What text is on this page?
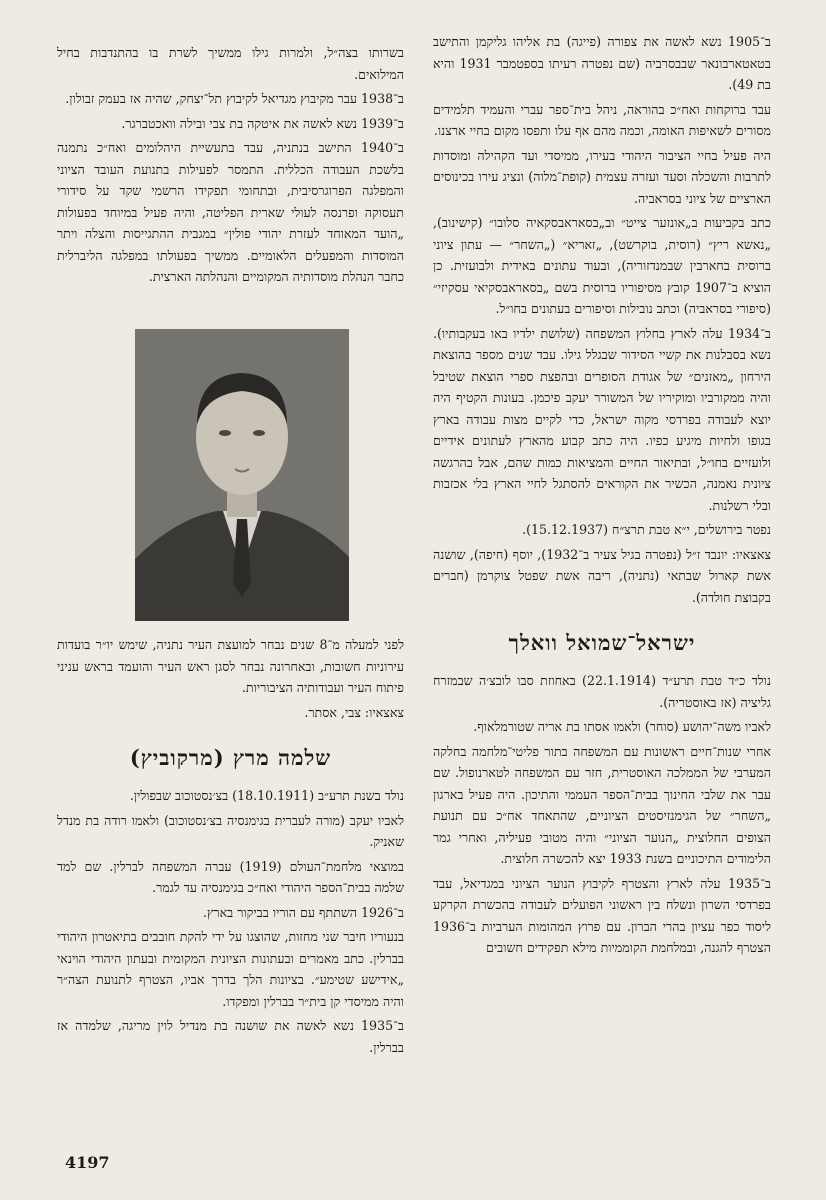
ב־1905 נשא לאשה את צפורה (פייגה) בת אליהו גליקמן והתישב בטאטארבונאר שבבסרביה (שם נפטרה רעיתו בספטמבר 1931 והיא בת 49).

עבד ברוקחות ואח״כ בהוראה, ניהל בית־ספר עברי והעמיד תלמידים מסורים לשאיפות האומה, וכמה מהם אף עלו ותפסו מקום בחיי ארצנו.

היה פעיל בחיי הציבור היהודי בעירו, ממיסדי ועד הקהילה ומוסדות לתרבות והשכלה וסעד ועזרה עצמית (קופת־מלוה) ונציג עירו בכינוסים הארציים של ציוני בסראביה.

כתב בקביעות ב„אונזער צייט״ וב„בסאראבסקאיה סלובו״ (קישינוב), „נאשא ריץ״ (רוסית, בוקרשט), „זאריא״ („השחר״ — עתון ציוני ברוסית בחארבין שבמנדזוריה), ובעוד עתונים באידית ולבועזית. כן הוציא ב־1907 קובץ מסיפוריו ברוסית בשם „בסאראבסקיאי עסקיזי״ (סיפורי בסראביה) וכתב נובילות וסיפורים בעתונים בחו״ל.

ב־1934 עלה לארץ בחלוץ המשפחה (שלושת ילדיו באו בעקבותיו). נשא בסבלנות את קשיי הסידור שבגלל גילו. עבד שנים מספר בהוצאת הירחון „מאזנים״ של אגודת הסופרים ובהפצת ספרי הוצאת שטיבל והיה ממקורביו ומוקיריו של המשורר יעקב פיכמן. בעונות הקטיף היה יוצא לעבודה בפרדסי מקוה ישראל, כדי לקיים מצות עבודה בארץ בגופו ולחיות מיגיע כפיו. היה כתב קבוע מהארץ לעתונים אידיים ולועזיים בחו״ל, ובתיאור החיים והמציאות כמות שהם, אבל בהרגשה ציונית נאמנה, הכשיר את הקוראים להסתגל לחיי הארץ בלי אכזבות ובלי רשלנות.

נפטר בירושלים, י״א טבת תרצ״ח (15.12.1937).

צאצאיו: יונבד ז״ל (נפטרה בגיל צעיר ב־1932), יוסף (חיפה), שושנה אשת קארול שבתאי (נתניה), ריבה אשת שפטל צוקרמן (חברים בקבוצת חולדה).

ישראל־שמואל וואלך

נולד כ״ד טבת תרע״ד (22.1.1914) באחוזת סבו לובצ׳ה שבמזרח גליציה (אז באוסטריה).

לאביו משה־יהושע (סוחר) ולאמו אסתו בת אריה שטורמלאוף.

אחרי שנות־חיים ראשונות עם המשפחה בתור פליטי־מלחמה בחלקה המערבי של הממלכה האוסטרית, חזר עם המשפחה לטארנופול. שם עבר את שלבי החינוך בבית־הספר העממי והתיכון. היה פעיל בארגון „השחר״ של הגימנזיסטים הציוניים, שהתאחד אח״כ עם תנועת הצופים החלוצית „הנוער הציוני״ והיה מטובי פעיליה, ואחרי גמר הלימודים התיכוניים בשנת 1933 יצא להכשרה חלוצית.

ב־1935 עלה לארץ והצטרף לקיבוץ הנוער הציוני במגדיאל, עבד בפרדסי השרון ונשלח בין ראשוני הפועלים לעבודה בהכשרת הקרקע ליסוד כפר עציון בהרי הברון. עם פרוץ המהומות הערביות ב־1936 הצטרף להגנה, ובמלחמת הקוממיות מילא תפקידים חשובים

בשרותו בצה״ל, ולמרות גילו ממשיך לשרת בו בהתנדבות בחיל המילואים.

ב־1938 עבר מקיבוץ מגדיאל לקיבוץ תל־יצחק, שהיה אז בעמק זבולון.

ב־1939 נשא לאשה את איטקה בת צבי ובילה וואכטברגר.

ב־1940 התישב בנתניה, עבד בתעשיית היהלומים ואח״כ נתמנה בלשכת העבודה הכללית. התמסר לפעילות בתנועת העובד הציוני והמפלגה הפרוגרסיבית, ובתחומי תפקידו הרשמי שקד על סידורי תעסוקה ופרנסה לעולי שארית הפליטה, והיה פעיל במיוחד בפעולות „הועד המאוחד לעזרת יהודי פולין״ במגבית ההתגייסות והצלה ויתר המוסדות והמפעלים הלאומיים. ממשיך בפעולתו במפלגה הליברלית כחבר הנהלת מוסדותיה המקומיים והנהלתה הארצית.

לפני למעלה מ־8 שנים נבחר למועצת העיר נתניה, שימש יו״ר בועדות עירוניות חשובות, ובאחרונה נבחר לסגן ראש העיר והועמד בראש עניני פיתוח העיר ועבודותיה הציבוריות.

צאצאיו: צבי, אסתר.

שלמה מרץ (מרקוביץ)

נולד בשנת תרע״ב (18.10.1911) בצ׳נסטוכוב שבפולין.

לאביו יעקב (מורה לעברית בגימנסיה בצ׳נסטוכוב) ולאמו רודה בת מנדל שאניק.

במוצאי מלחמת־העולם (1919) עברה המשפחה לברלין. שם למד שלמה בבית־הספר היהודי ואח״כ בגימנסיה עד לגמר.

ב־1926 השתתף עם הוריו בביקור בארץ.

בנעוריו חיבר שני מחזות, שהוצגו על ידי להקת חובבים בתיאטרון היהודי בברלין. כתב מאמרים ובעתונות הציונית המקומית ובעתון היהודי הוינאי „אידישע שטימע״. בציונות הלך בדרך אביו, הצטרף לתנועת הצה״ר והיה ממיסדי קן בית״ר בברלין ומפקדו.

ב־1935 נשא לאשה את שושנה בת מנדיל לוין מריגה, שלמדה אז בברלין.

4197
